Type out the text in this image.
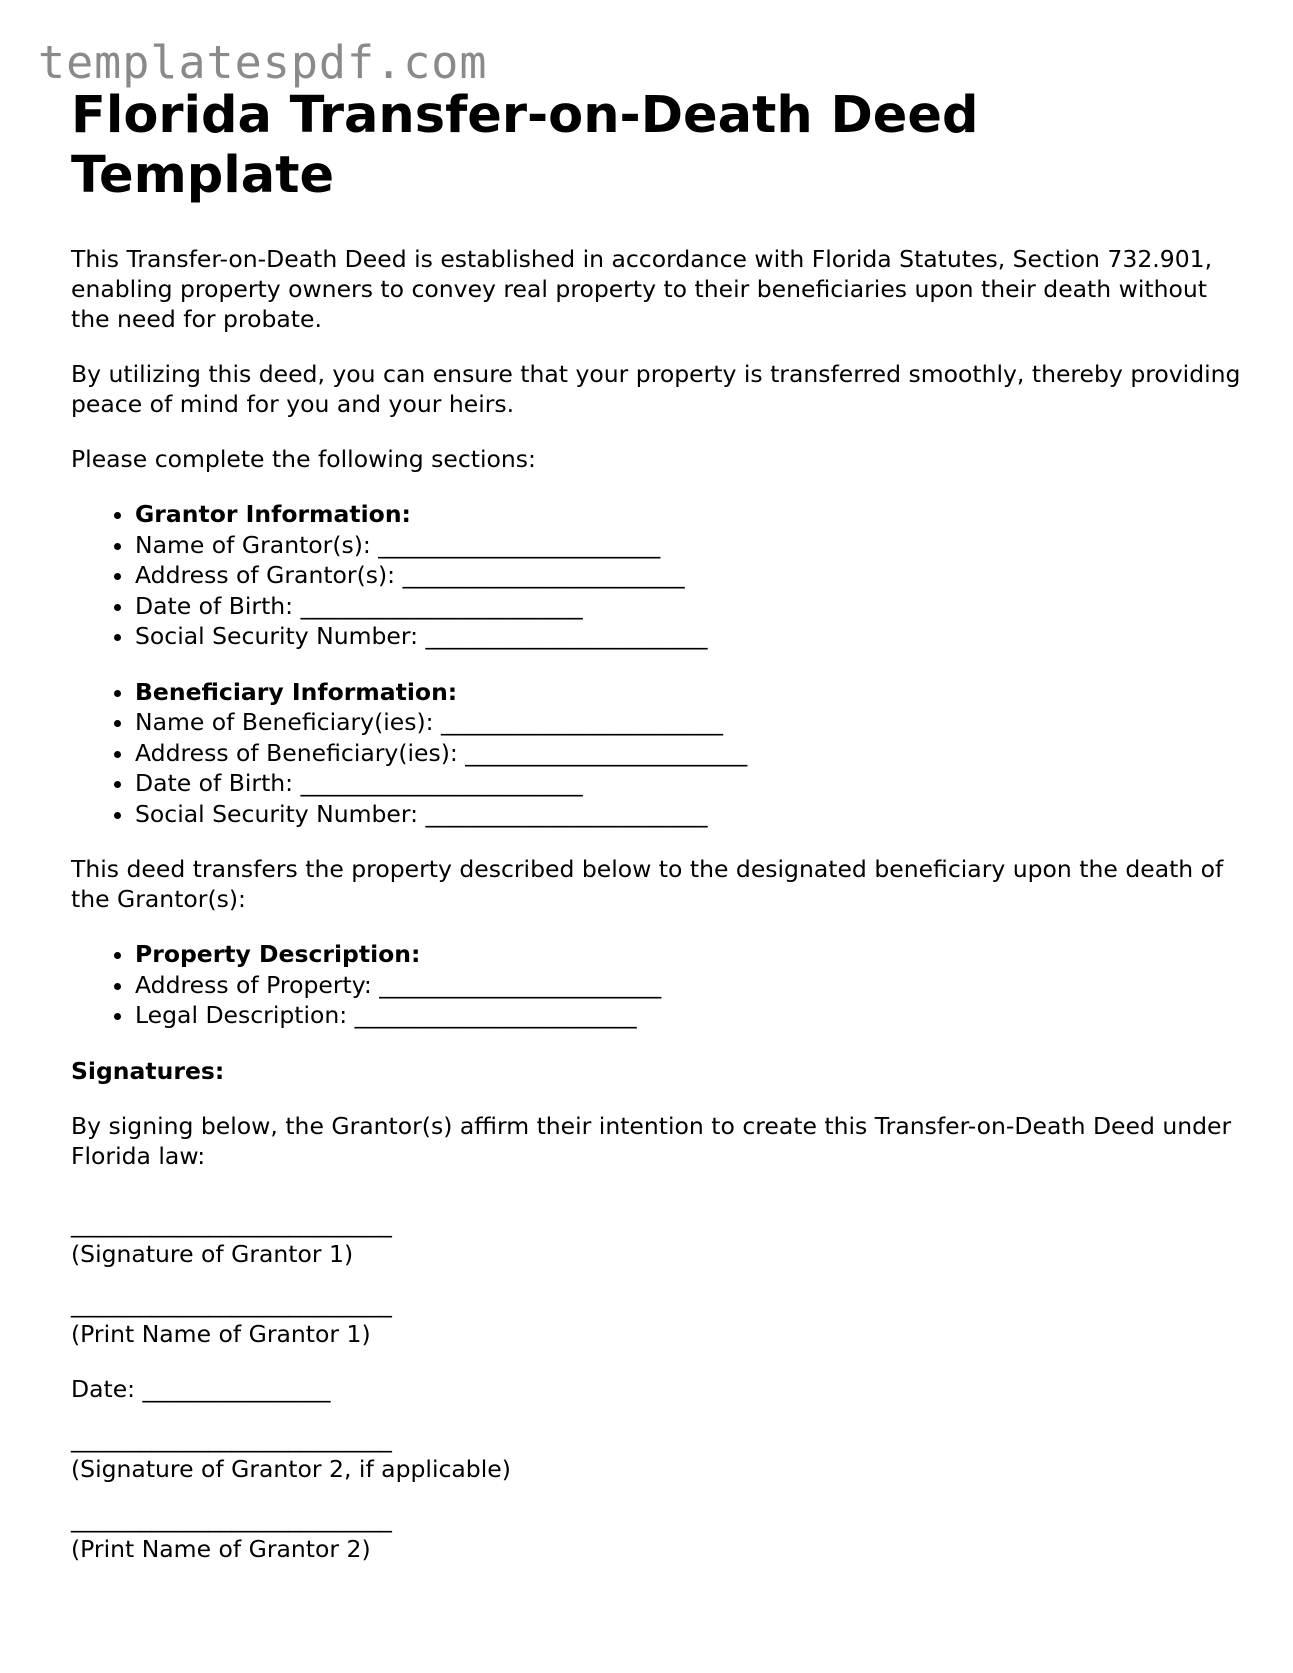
templatespdf.com
Florida Transfer-on-Death Deed Template

This Transfer-on-Death Deed is established in accordance with Florida Statutes, Section 732.901, enabling property owners to convey real property to their beneficiaries upon their death without the need for probate.

By utilizing this deed, you can ensure that your property is transferred smoothly, thereby providing peace of mind for you and your heirs.

Please complete the following sections:

• Grantor Information:
• Name of Grantor(s): ________________________
• Address of Grantor(s): ________________________
• Date of Birth: ________________________
• Social Security Number: ________________________
• Beneficiary Information:
• Name of Beneficiary(ies): ________________________
• Address of Beneficiary(ies): ________________________
• Date of Birth: ________________________
• Social Security Number: ________________________

This deed transfers the property described below to the designated beneficiary upon the death of the Grantor(s):

• Property Description:
• Address of Property: ________________________
• Legal Description: ________________________

Signatures:

By signing below, the Grantor(s) affirm their intention to create this Transfer-on-Death Deed under Florida law:

____________________________
(Signature of Grantor 1)
____________________________
(Print Name of Grantor 1)

Date: ________________

____________________________
(Signature of Grantor 2, if applicable)
____________________________
(Print Name of Grantor 2)
